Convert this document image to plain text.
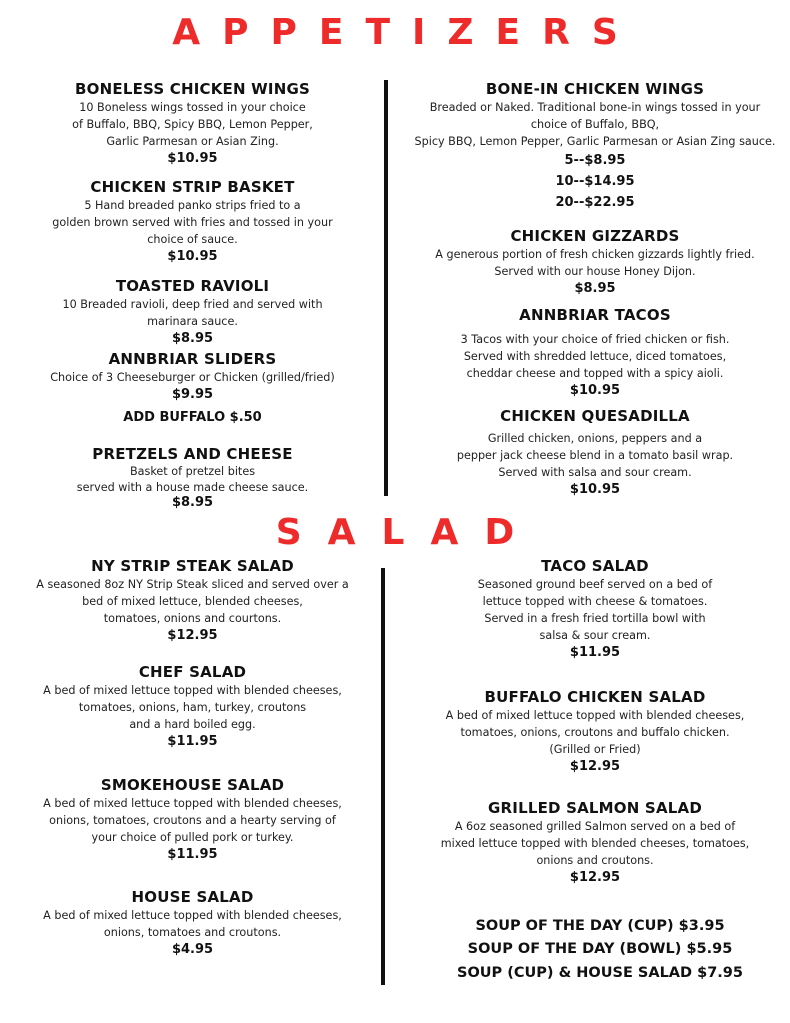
APPETIZERS
BONELESS CHICKEN WINGS

10 Boneless wings tossed in your choice
of Buffalo, BBQ, Spicy BBQ, Lemon Pepper,
Garlic Parmesan or Asian Zing.

$10.95

CHICKEN STRIP BASKET

5 Hand breaded panko strips fried to a
golden brown served with fries and tossed in your
choice of sauce.

$10.95

TOASTED RAVIOLI

10 Breaded ravioli, deep fried and served with
marinara sauce.

$8.95

ANNBRIAR SLIDERS

Choice of 3 Cheeseburger or Chicken (grilled/fried)

$9.95

ADD BUFFALO $.50

PRETZELS AND CHEESE

Basket of pretzel bites
served with a house made cheese sauce.

$8.95

BONE-IN CHICKEN WINGS

Breaded or Naked. Traditional bone-in wings tossed in your
choice of Buffalo, BBQ,
Spicy BBQ, Lemon Pepper, Garlic Parmesan or Asian Zing sauce.

5--$8.95

10--$14.95

20--$22.95

CHICKEN GIZZARDS

A generous portion of fresh chicken gizzards lightly fried.
Served with our house Honey Dijon.

$8.95

ANNBRIAR TACOS

3 Tacos with your choice of fried chicken or fish.
Served with shredded lettuce, diced tomatoes,
cheddar cheese and topped with a spicy aioli.

$10.95

CHICKEN QUESADILLA

Grilled chicken, onions, peppers and a
pepper jack cheese blend in a tomato basil wrap.
Served with salsa and sour cream.

$10.95

SALAD
NY STRIP STEAK SALAD

A seasoned 8oz NY Strip Steak sliced and served over a
bed of mixed lettuce, blended cheeses,
tomatoes, onions and courtons.

$12.95

CHEF SALAD

A bed of mixed lettuce topped with blended cheeses,
tomatoes, onions, ham, turkey, croutons
and a hard boiled egg.

$11.95

SMOKEHOUSE SALAD

A bed of mixed lettuce topped with blended cheeses,
onions, tomatoes, croutons and a hearty serving of
your choice of pulled pork or turkey.

$11.95

HOUSE SALAD

A bed of mixed lettuce topped with blended cheeses,
onions, tomatoes and croutons.

$4.95

TACO SALAD

Seasoned ground beef served on a bed of
lettuce topped with cheese & tomatoes.
Served in a fresh fried tortilla bowl with
salsa & sour cream.

$11.95

BUFFALO CHICKEN SALAD

A bed of mixed lettuce topped with blended cheeses,
tomatoes, onions, croutons and buffalo chicken.
(Grilled or Fried)

$12.95

GRILLED SALMON SALAD

A 6oz seasoned grilled Salmon served on a bed of
mixed lettuce topped with blended cheeses, tomatoes,
onions and croutons.

$12.95

SOUP OF THE DAY (CUP) $3.95

SOUP OF THE DAY (BOWL) $5.95

SOUP (CUP) & HOUSE SALAD $7.95
